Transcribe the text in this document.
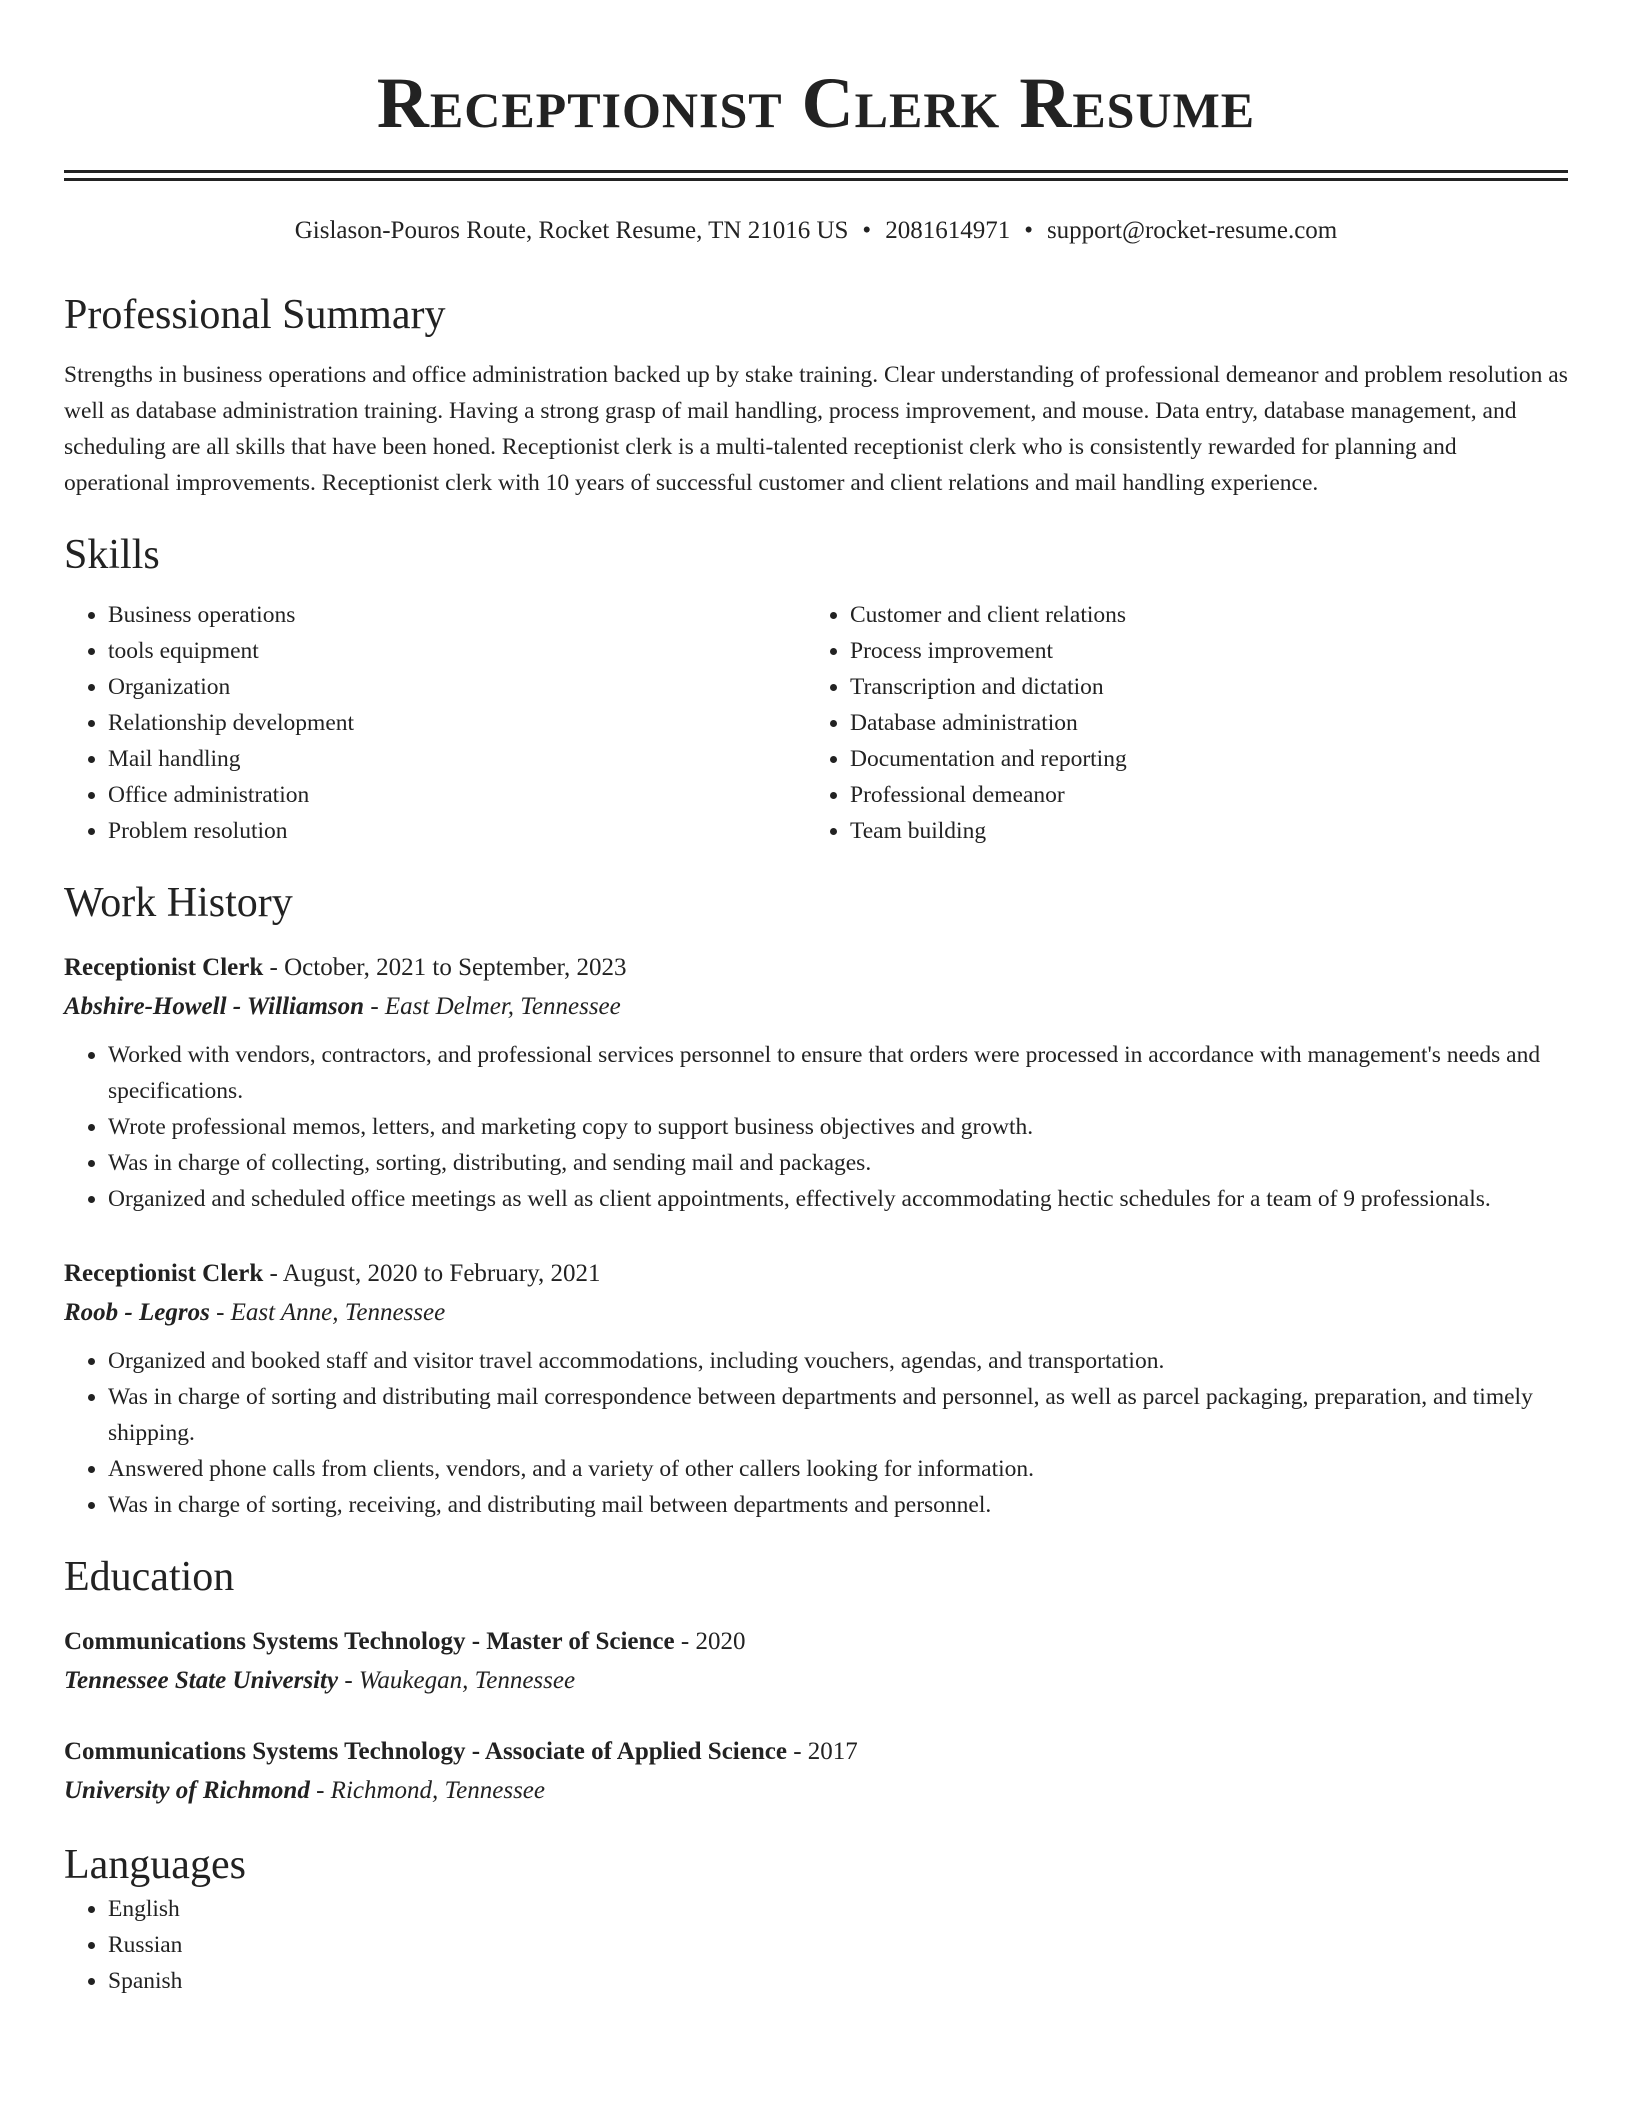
Receptionist Clerk Resume
Gislason-Pouros Route, Rocket Resume, TN 21016 US • 2081614971 • support@rocket-resume.com
Professional Summary

Strengths in business operations and office administration backed up by stake training. Clear understanding of professional demeanor and problem resolution as well as database administration training. Having a strong grasp of mail handling, process improvement, and mouse. Data entry, database management, and scheduling are all skills that have been honed. Receptionist clerk is a multi-talented receptionist clerk who is consistently rewarded for planning and operational improvements. Receptionist clerk with 10 years of successful customer and client relations and mail handling experience.

Skills
• Business operations
• tools equipment
• Organization
• Relationship development
• Mail handling
• Office administration
• Problem resolution
• Customer and client relations
• Process improvement
• Transcription and dictation
• Database administration
• Documentation and reporting
• Professional demeanor
• Team building
Work History
Receptionist Clerk - October, 2021 to September, 2023
Abshire-Howell - Williamson - East Delmer, Tennessee
• Worked with vendors, contractors, and professional services personnel to ensure that orders were processed in accordance with management's needs and specifications.
• Wrote professional memos, letters, and marketing copy to support business objectives and growth.
• Was in charge of collecting, sorting, distributing, and sending mail and packages.
• Organized and scheduled office meetings as well as client appointments, effectively accommodating hectic schedules for a team of 9 professionals.
Receptionist Clerk - August, 2020 to February, 2021
Roob - Legros - East Anne, Tennessee
• Organized and booked staff and visitor travel accommodations, including vouchers, agendas, and transportation.
• Was in charge of sorting and distributing mail correspondence between departments and personnel, as well as parcel packaging, preparation, and timely shipping.
• Answered phone calls from clients, vendors, and a variety of other callers looking for information.
• Was in charge of sorting, receiving, and distributing mail between departments and personnel.
Education
Communications Systems Technology - Master of Science - 2020
Tennessee State University - Waukegan, Tennessee
Communications Systems Technology - Associate of Applied Science - 2017
University of Richmond - Richmond, Tennessee
Languages
• English
• Russian
• Spanish
